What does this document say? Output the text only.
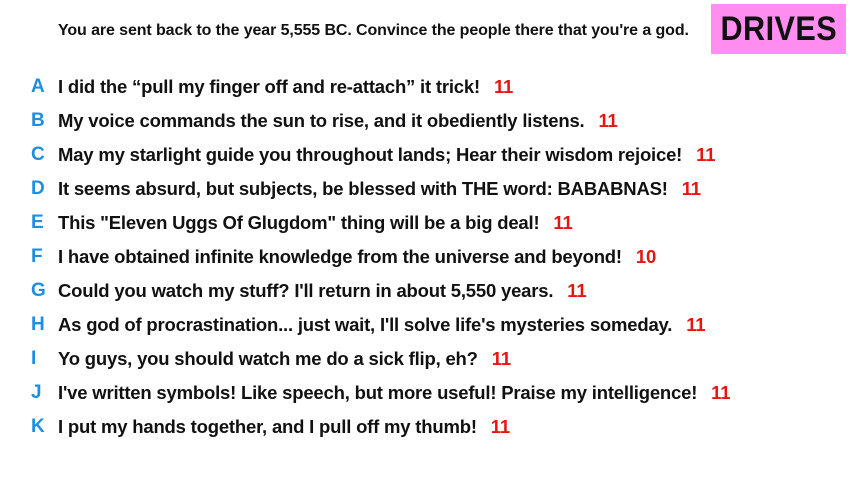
You are sent back to the year 5,555 BC. Convince the people there that you're a god. DRIVES
A I did the “pull my finger off and re-attach” it trick! 11
B My voice commands the sun to rise, and it obediently listens. 11
C May my starlight guide you throughout lands; Hear their wisdom rejoice! 11
D It seems absurd, but subjects, be blessed with THE word: BABABNAS! 11
E This "Eleven Uggs Of Glugdom" thing will be a big deal! 11
F I have obtained infinite knowledge from the universe and beyond! 10
G Could you watch my stuff? I'll return in about 5,550 years. 11
H As god of procrastination... just wait, I'll solve life's mysteries someday. 11
I	Yo guys, you should watch me do a sick flip, eh? 11
J I've written symbols! Like speech, but more useful! Praise my intelligence! 11
K I put my hands together, and I pull off my thumb! 11
